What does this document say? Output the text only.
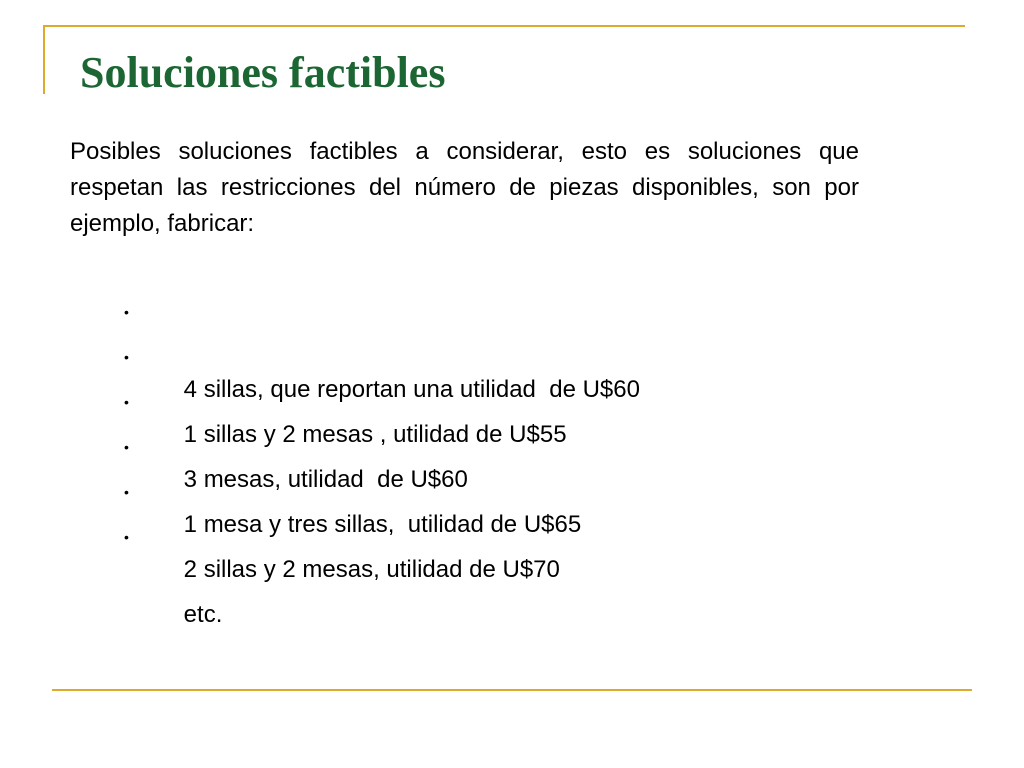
Soluciones factibles

Posibles soluciones factibles a considerar, esto es soluciones que respetan las restricciones del número de piezas disponibles, son por ejemplo, fabricar:

•

4 sillas, que reportan una utilidad  de U$60

•

1 sillas y 2 mesas , utilidad de U$55

•

3 mesas, utilidad  de U$60

•

1 mesa y tres sillas,  utilidad de U$65

•

2 sillas y 2 mesas, utilidad de U$70

•

etc.
